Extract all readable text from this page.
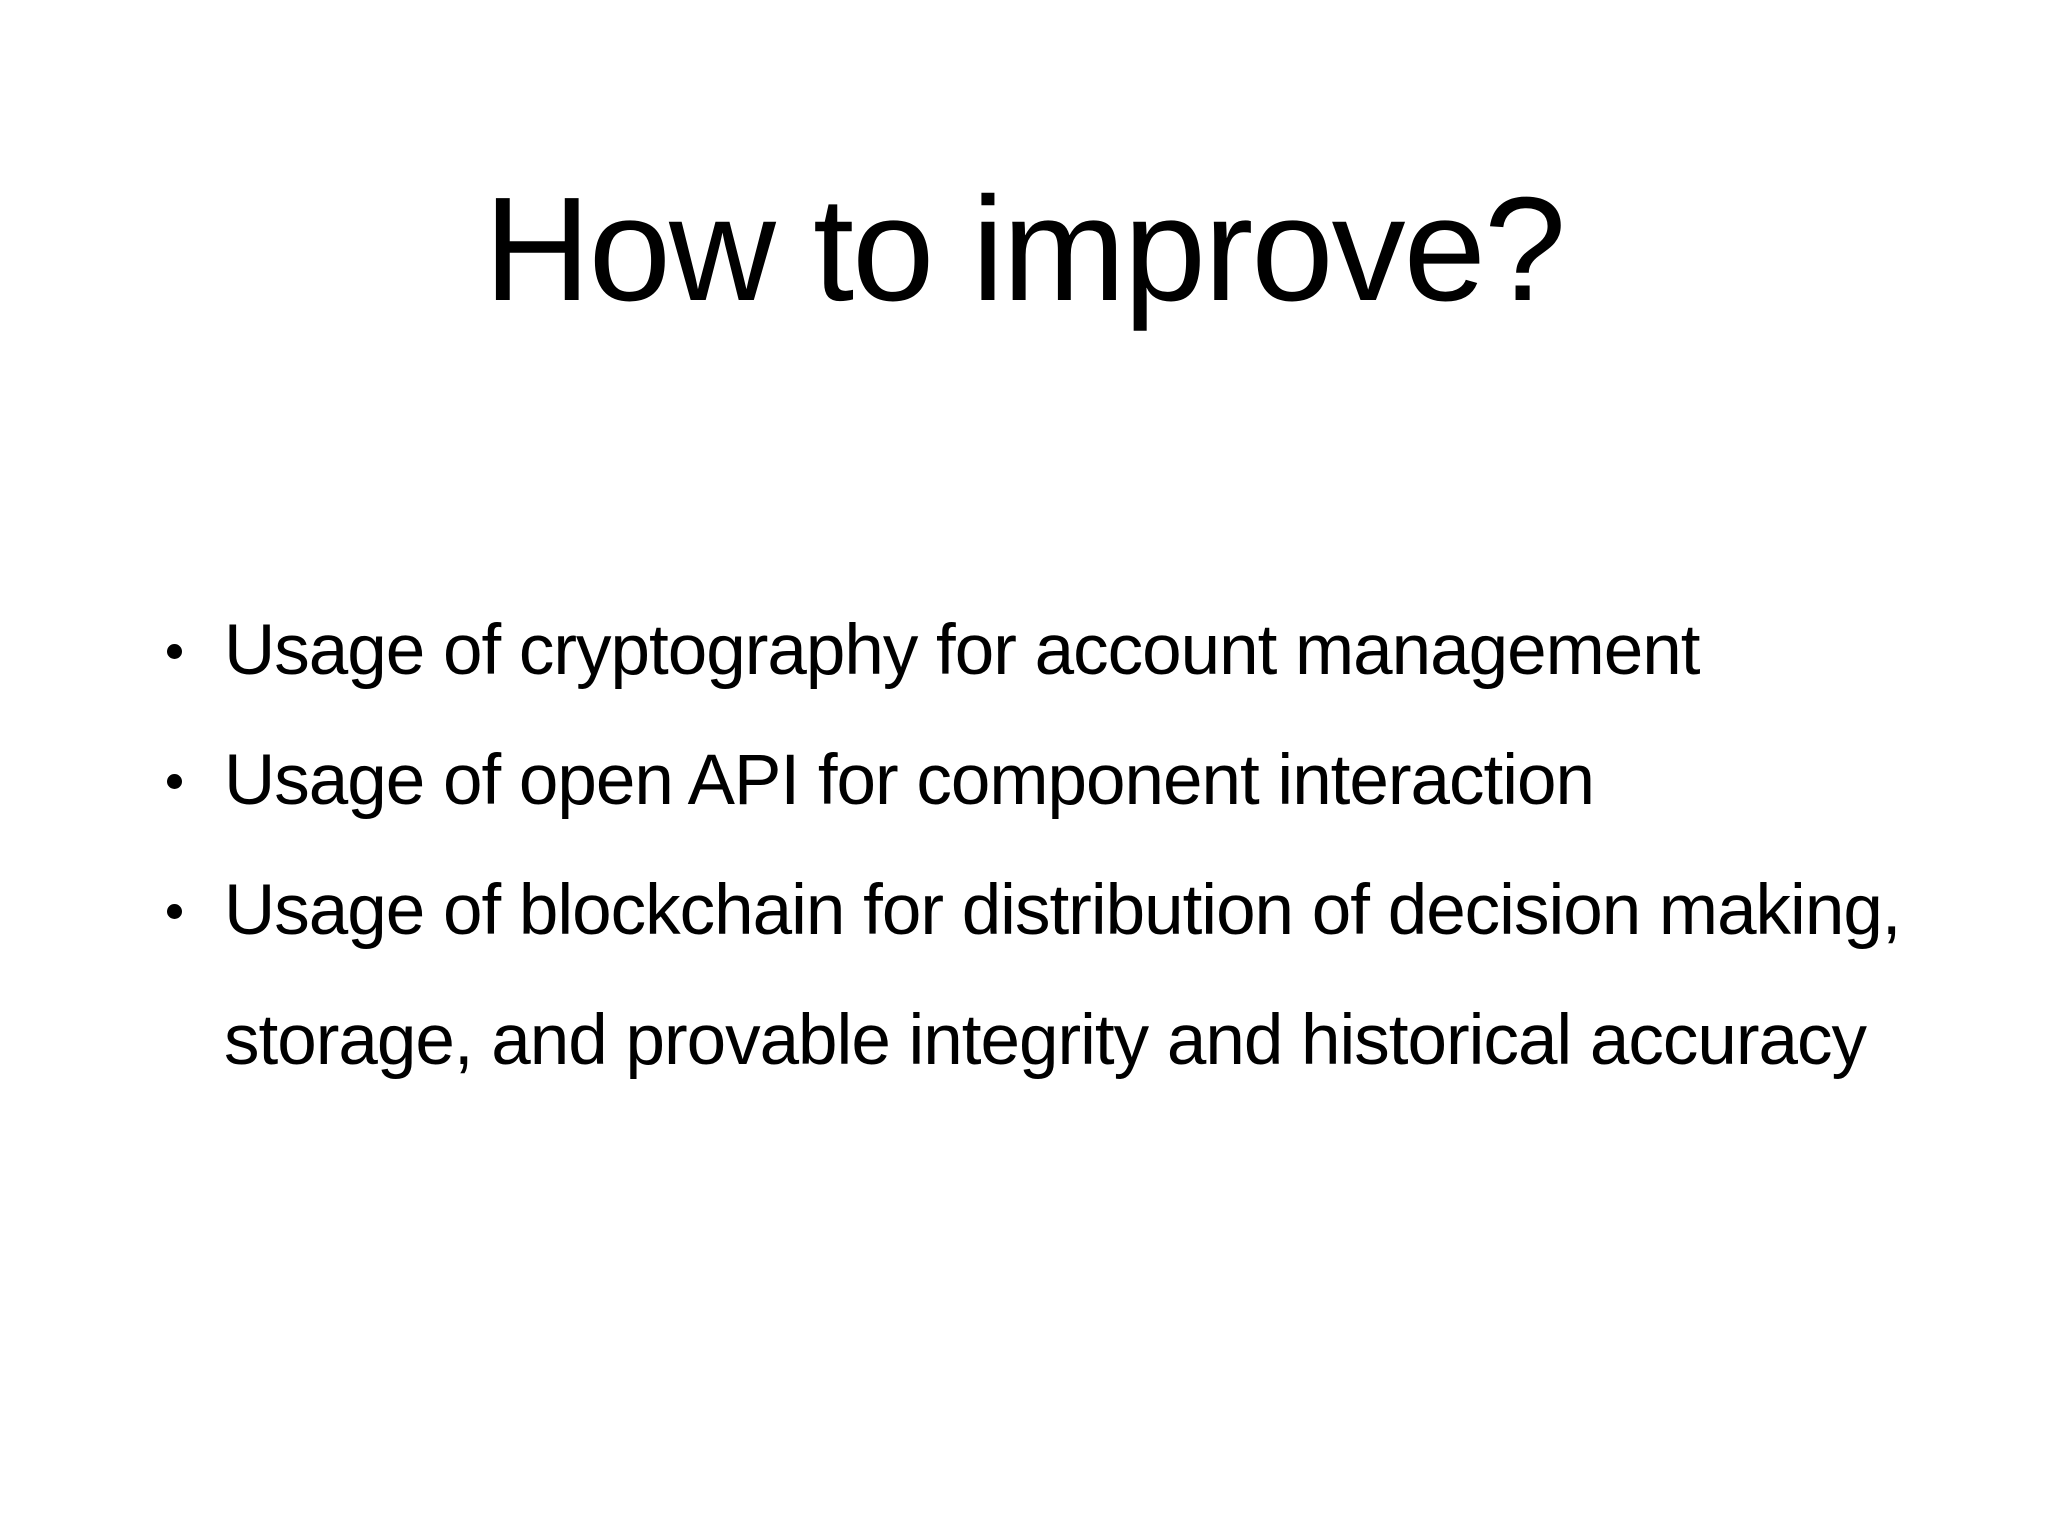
How to improve?
Usage of cryptography for account management
Usage of open API for component interaction
Usage of blockchain for distribution of decision making, storage, and provable integrity and historical accuracy
